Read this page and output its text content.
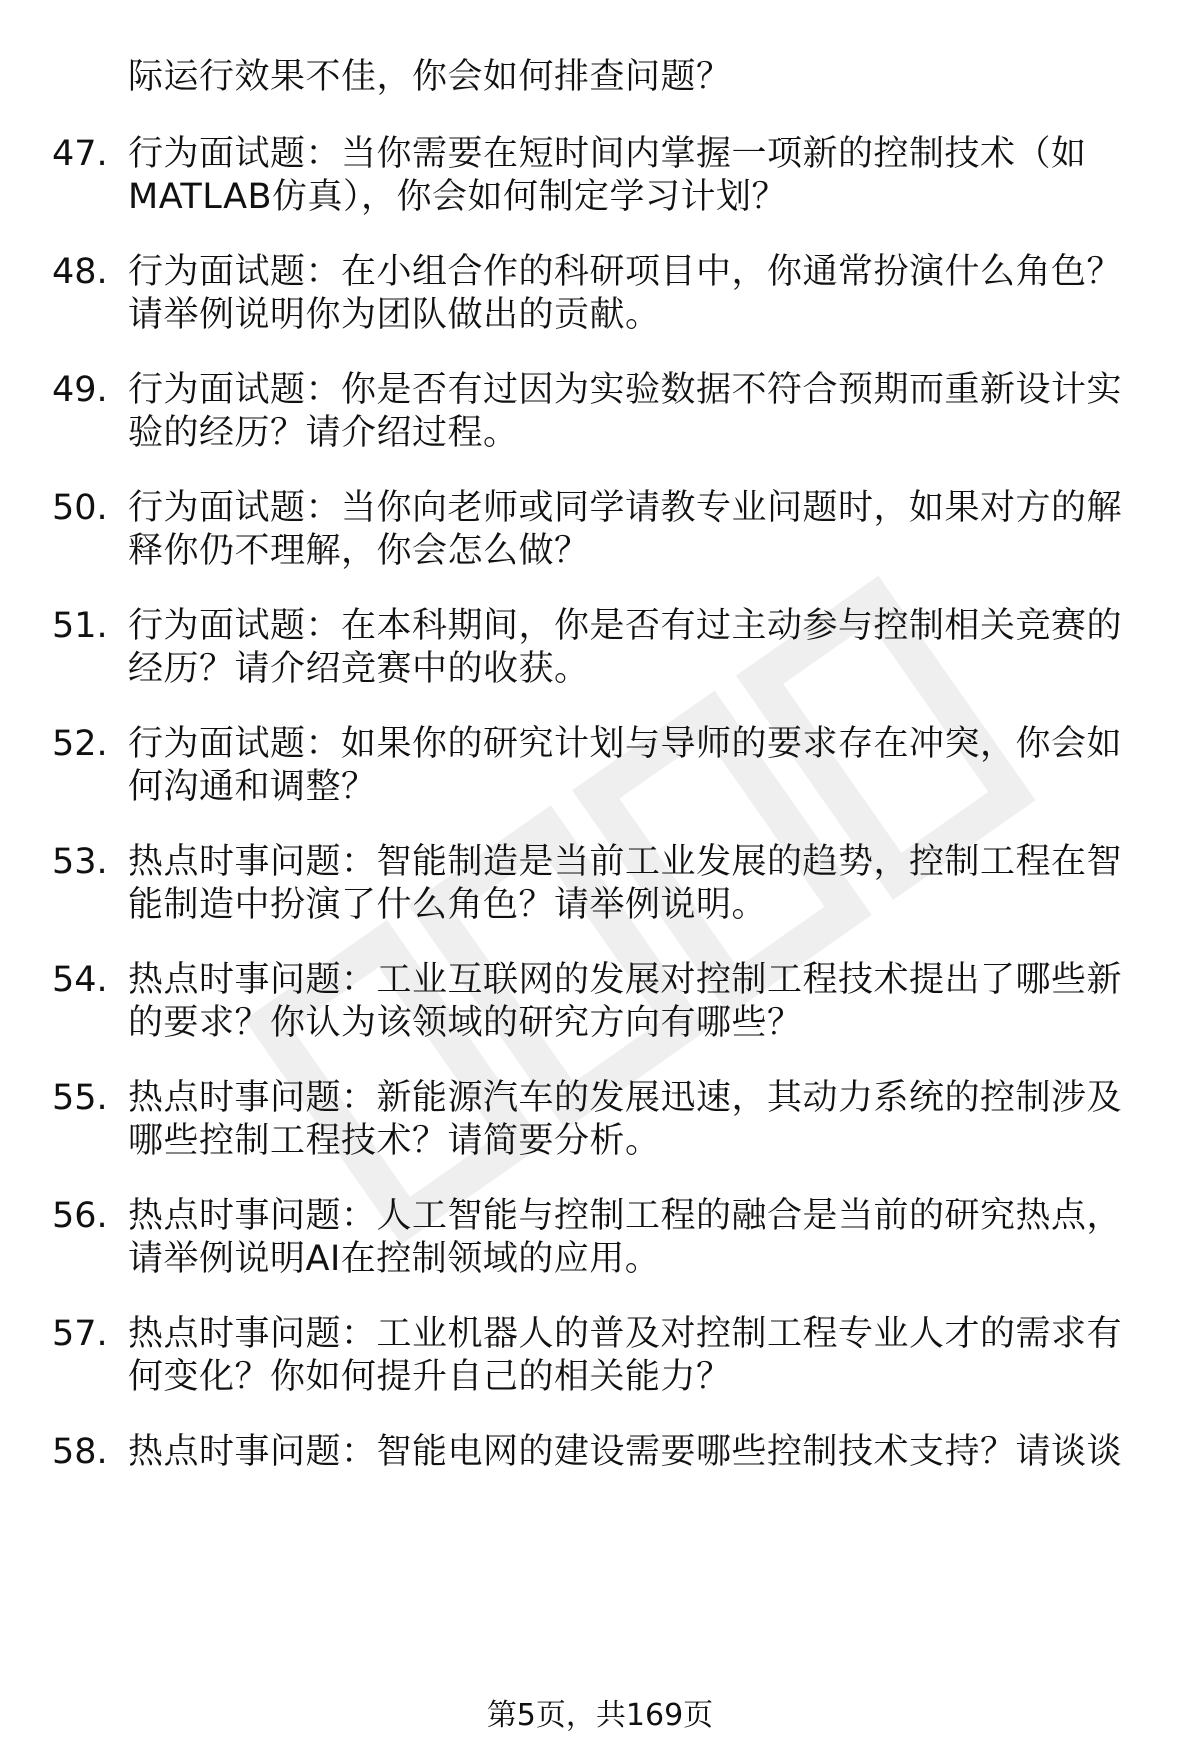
际运行效果不佳，你会如何排查问题？
47. 行为面试题：当你需要在短时间内掌握一项新的控制技术（如
MATLAB仿真），你会如何制定学习计划？
48. 行为面试题：在小组合作的科研项目中，你通常扮演什么角色？
请举例说明你为团队做出的贡献。
49. 行为面试题：你是否有过因为实验数据不符合预期而重新设计实
验的经历？请介绍过程。
50. 行为面试题：当你向老师或同学请教专业问题时，如果对方的解
释你仍不理解，你会怎么做？
51. 行为面试题：在本科期间，你是否有过主动参与控制相关竞赛的
经历？请介绍竞赛中的收获。
52. 行为面试题：如果你的研究计划与导师的要求存在冲突，你会如
何沟通和调整？
53. 热点时事问题：智能制造是当前工业发展的趋势，控制工程在智
能制造中扮演了什么角色？请举例说明。
54. 热点时事问题：工业互联网的发展对控制工程技术提出了哪些新
的要求？你认为该领域的研究方向有哪些？
55. 热点时事问题：新能源汽车的发展迅速，其动力系统的控制涉及
哪些控制工程技术？请简要分析。
56. 热点时事问题：人工智能与控制工程的融合是当前的研究热点，
请举例说明AI在控制领域的应用。
57. 热点时事问题：工业机器人的普及对控制工程专业人才的需求有
何变化？你如何提升自己的相关能力？
58. 热点时事问题：智能电网的建设需要哪些控制技术支持？请谈谈
第5页，共169页
